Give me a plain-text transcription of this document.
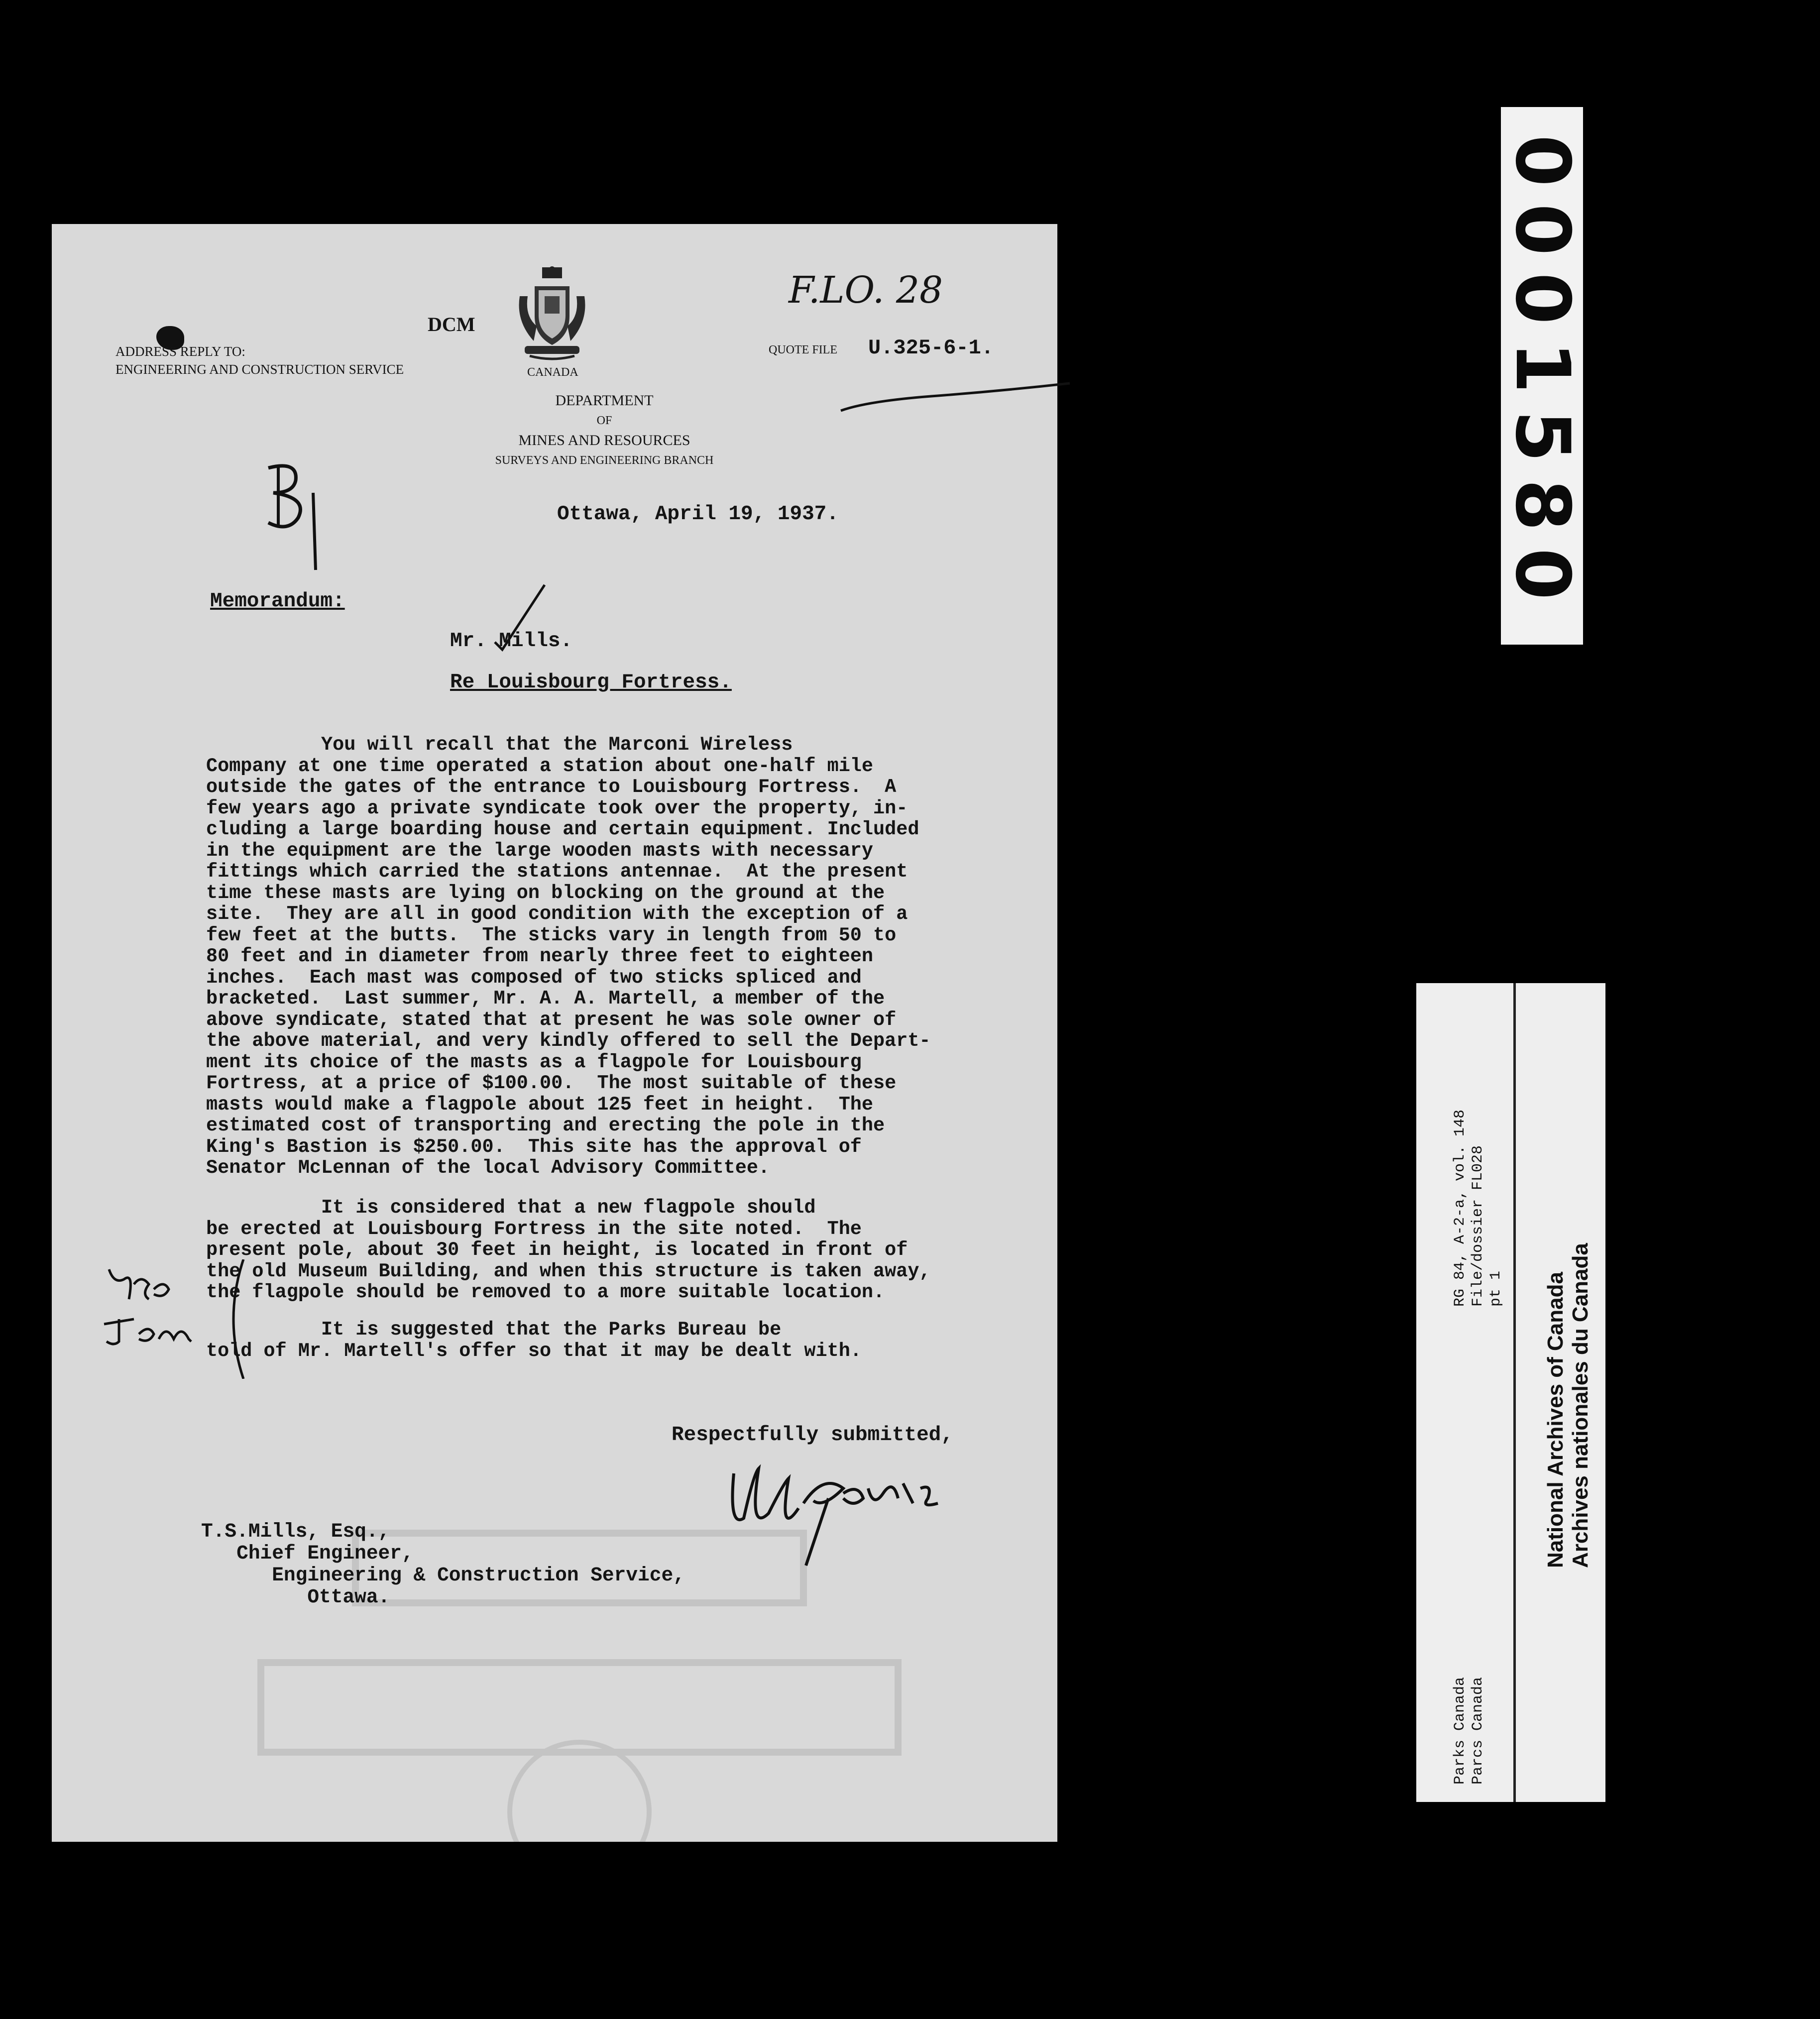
ADDRESS REPLY TO:
ENGINEERING AND CONSTRUCTION SERVICE
DCM
CANADA
DEPARTMENT
OF
MINES AND RESOURCES
SURVEYS AND ENGINEERING BRANCH
F.LO. 28
QUOTE FILE U.325-6-1.
Ottawa, April 19, 1937.
Memorandum:
Mr. Mills.
Re Louisbourg Fortress.
You will recall that the Marconi Wireless
Company at one time operated a station about one-half mile
outside the gates of the entrance to Louisbourg Fortress.  A
few years ago a private syndicate took over the property, in-
cluding a large boarding house and certain equipment. Included
in the equipment are the large wooden masts with necessary
fittings which carried the stations antennae.  At the present
time these masts are lying on blocking on the ground at the
site.  They are all in good condition with the exception of a
few feet at the butts.  The sticks vary in length from 50 to
80 feet and in diameter from nearly three feet to eighteen
inches.  Each mast was composed of two sticks spliced and
bracketed.  Last summer, Mr. A. A. Martell, a member of the
above syndicate, stated that at present he was sole owner of
the above material, and very kindly offered to sell the Depart-
ment its choice of the masts as a flagpole for Louisbourg
Fortress, at a price of $100.00.  The most suitable of these
masts would make a flagpole about 125 feet in height.  The
estimated cost of transporting and erecting the pole in the
King's Bastion is $250.00.  This site has the approval of
Senator McLennan of the local Advisory Committee.
It is considered that a new flagpole should
be erected at Louisbourg Fortress in the site noted.  The
present pole, about 30 feet in height, is located in front of
the old Museum Building, and when this structure is taken away,
the flagpole should be removed to a more suitable location.
It is suggested that the Parks Bureau be
told of Mr. Martell's offer so that it may be dealt with.
Respectfully submitted,
T.S.Mills, Esq.,
Chief Engineer,
Engineering & Construction Service,
Ottawa.
0001580
RG 84, A-2-a, vol. 148
File/dossier FL028
pt 1
Parks Canada
Parcs Canada
National Archives of Canada
Archives nationales du Canada
